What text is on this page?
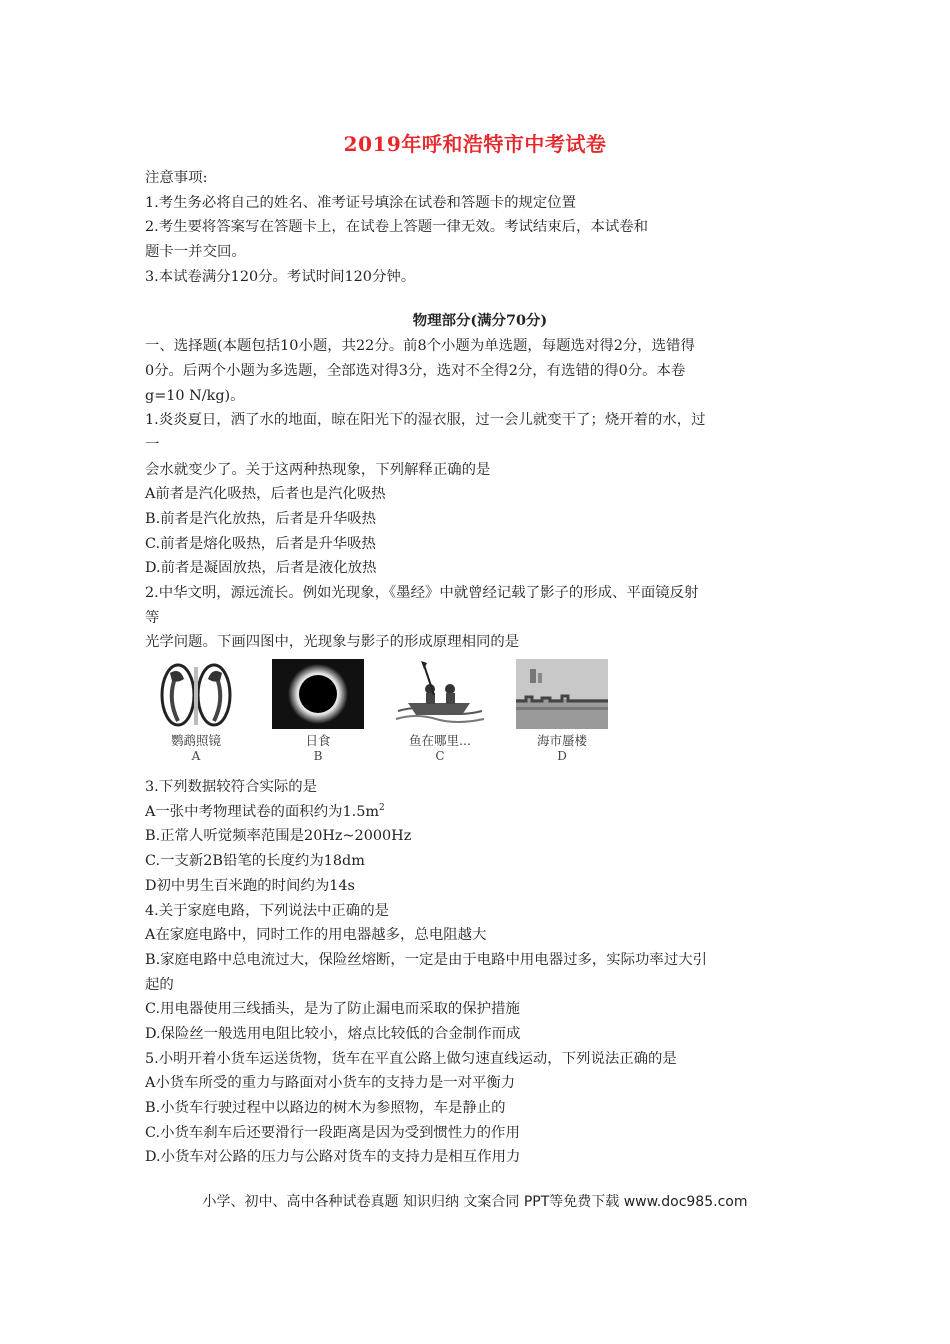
2019年呼和浩特市中考试卷
注意事项:
1.考生务必将自己的姓名、准考证号填涂在试卷和答题卡的规定位置
2.考生要将答案写在答题卡上，在试卷上答题一律无效。考试结束后，本试卷和
题卡一并交回。
3.本试卷满分120分。考试时间120分钟。
物理部分(满分70分)
一、选择题(本题包括10小题，共22分。前8个小题为单选题，每题选对得2分，选错得
0分。后两个小题为多选题，全部选对得3分，选对不全得2分，有选错的得0分。本卷
g=10 N/kg)。
1.炎炎夏日，洒了水的地面，晾在阳光下的湿衣服，过一会儿就变干了；烧开着的水，过
一
会水就变少了。关于这两种热现象，下列解释正确的是
A前者是汽化吸热，后者也是汽化吸热
B.前者是汽化放热，后者是升华吸热
C.前者是熔化吸热，后者是升华吸热
D.前者是凝固放热，后者是液化放热
2.中华文明，源远流长。例如光现象，《墨经》中就曾经记载了影子的形成、平面镜反射
等
光学问题。下画四图中，光现象与影子的形成原理相同的是
鹦鹉照镜
A
日食
B
鱼在哪里...
C
海市蜃楼
D
3.下列数据较符合实际的是
A一张中考物理试卷的面积约为$1.5m^2$
B.正常人听觉频率范围是20Hz~2000Hz
C.一支新2B铅笔的长度约为18dm
D初中男生百米跑的时间约为14s
4.关于家庭电路，下列说法中正确的是
A在家庭电路中，同时工作的用电器越多，总电阻越大
B.家庭电路中总电流过大，保险丝熔断，一定是由于电路中用电器过多，实际功率过大引
起的
C.用电器使用三线插头，是为了防止漏电而采取的保护措施
D.保险丝一般选用电阻比较小，熔点比较低的合金制作而成
5.小明开着小货车运送货物，货车在平直公路上做匀速直线运动，下列说法正确的是
A小货车所受的重力与路面对小货车的支持力是一对平衡力
B.小货车行驶过程中以路边的树木为参照物，车是静止的
C.小货车刹车后还要滑行一段距离是因为受到惯性力的作用
D.小货车对公路的压力与公路对货车的支持力是相互作用力
小学、初中、高中各种试卷真题 知识归纳 文案合同 PPT等免费下载 www.doc985.com
